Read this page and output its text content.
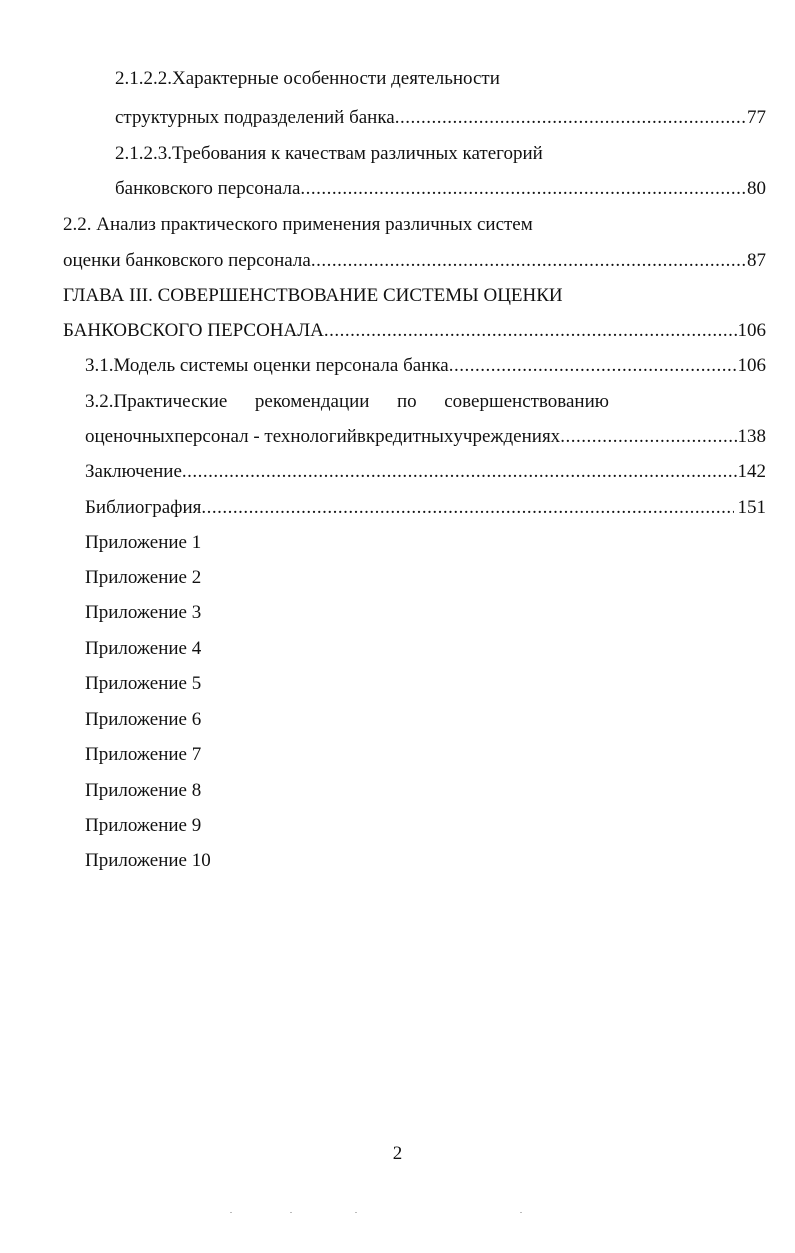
2.1.2.2.Характерные особенности деятельности
структурных подразделений банка .....	77
2.1.2.3.Требования к качествам различных категорий
банковского персонала .....	80
2.2. Анализ практического применения различных систем
оценки банковского персонала .....	87
ГЛАВА III. СОВЕРШЕНСТВОВАНИЕ СИСТЕМЫ ОЦЕНКИ
БАНКОВСКОГО ПЕРСОНАЛА .....	106
3.1.Модель системы оценки персонала банка .....	106
3.2.Практические рекомендации по совершенствованию
оценочных персонал - технологий в кредитных учреждениях .....	138
Заключение .....	142
Библиография .....	151
Приложение 1
Приложение 2
Приложение 3
Приложение 4
Приложение 5
Приложение 6
Приложение 7
Приложение 8
Приложение 9
Приложение 10
2
